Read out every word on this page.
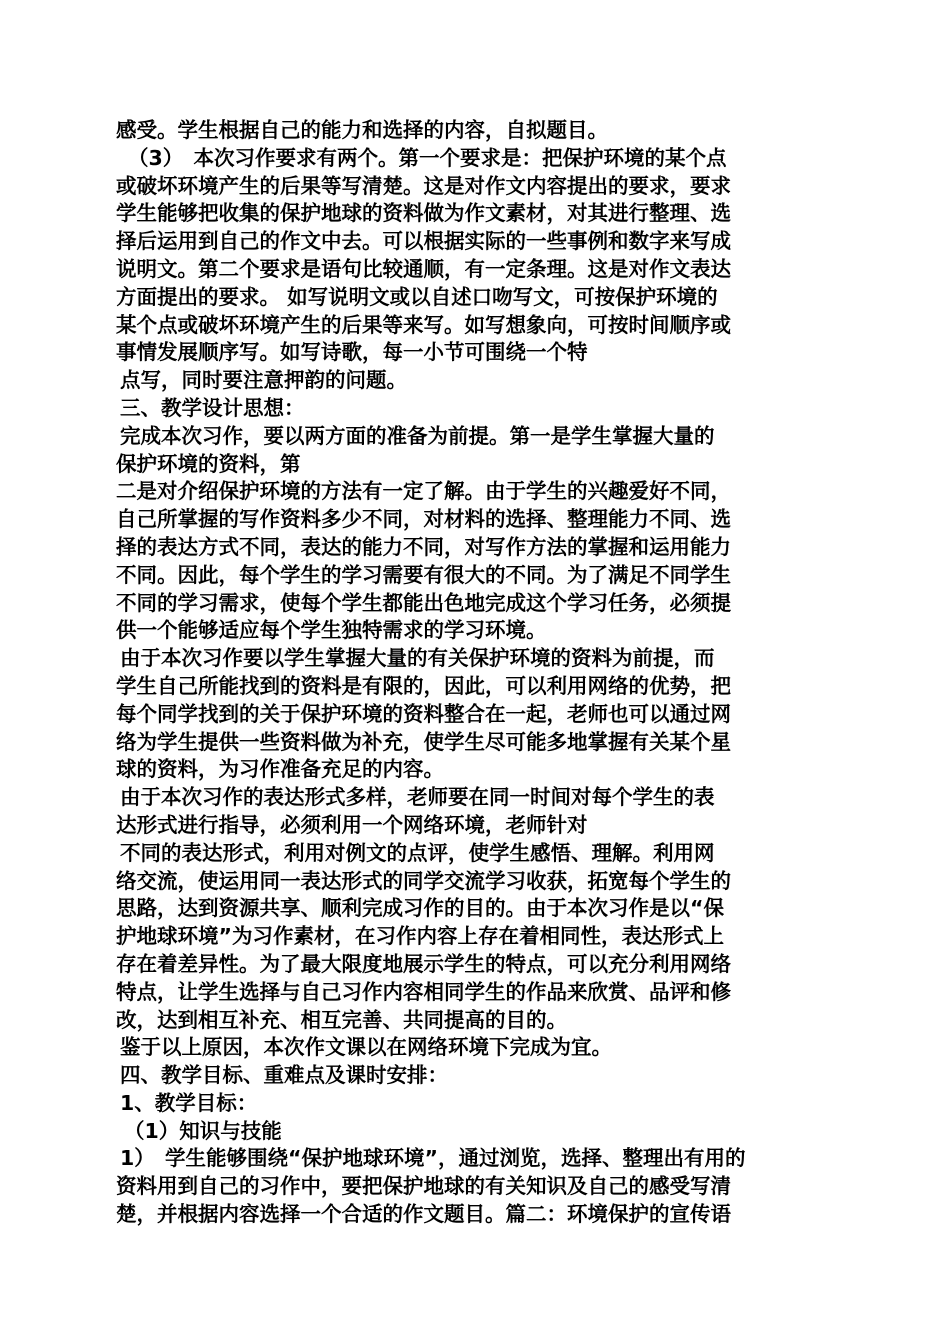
感受。学生根据自己的能力和选择的内容，自拟题目。
（3）　本次习作要求有两个。第一个要求是：把保护环境的某个点
或破坏环境产生的后果等写清楚。这是对作文内容提出的要求，要求
学生能够把收集的保护地球的资料做为作文素材，对其进行整理、选
择后运用到自己的作文中去。可以根据实际的一些事例和数字来写成
说明文。第二个要求是语句比较通顺，有一定条理。这是对作文表达
方面提出的要求。 如写说明文或以自述口吻写文，可按保护环境的
某个点或破坏环境产生的后果等来写。如写想象向，可按时间顺序或
事情发展顺序写。如写诗歌，每一小节可围绕一个特
点写，同时要注意押韵的问题。
三、教学设计思想：
完成本次习作，要以两方面的准备为前提。第一是学生掌握大量的
保护环境的资料，第
二是对介绍保护环境的方法有一定了解。由于学生的兴趣爱好不同，
自己所掌握的写作资料多少不同，对材料的选择、整理能力不同、选
择的表达方式不同，表达的能力不同，对写作方法的掌握和运用能力
不同。因此，每个学生的学习需要有很大的不同。为了满足不同学生
不同的学习需求，使每个学生都能出色地完成这个学习任务，必须提
供一个能够适应每个学生独特需求的学习环境。
由于本次习作要以学生掌握大量的有关保护环境的资料为前提，而
学生自己所能找到的资料是有限的，因此，可以利用网络的优势，把
每个同学找到的关于保护环境的资料整合在一起，老师也可以通过网
络为学生提供一些资料做为补充，使学生尽可能多地掌握有关某个星
球的资料，为习作准备充足的内容。
由于本次习作的表达形式多样，老师要在同一时间对每个学生的表
达形式进行指导，必须利用一个网络环境，老师针对
不同的表达形式，利用对例文的点评，使学生感悟、理解。利用网
络交流，使运用同一表达形式的同学交流学习收获，拓宽每个学生的
思路，达到资源共享、顺利完成习作的目的。由于本次习作是以“保
护地球环境”为习作素材，在习作内容上存在着相同性，表达形式上
存在着差异性。为了最大限度地展示学生的特点，可以充分利用网络
特点，让学生选择与自己习作内容相同学生的作品来欣赏、品评和修
改，达到相互补充、相互完善、共同提高的目的。
鉴于以上原因，本次作文课以在网络环境下完成为宜。
四、教学目标、重难点及课时安排：
1、教学目标：
（1）知识与技能
1）　学生能够围绕“保护地球环境”，通过浏览，选择、整理出有用的
资料用到自己的习作中，要把保护地球的有关知识及自己的感受写清
楚，并根据内容选择一个合适的作文题目。篇二：环境保护的宣传语
